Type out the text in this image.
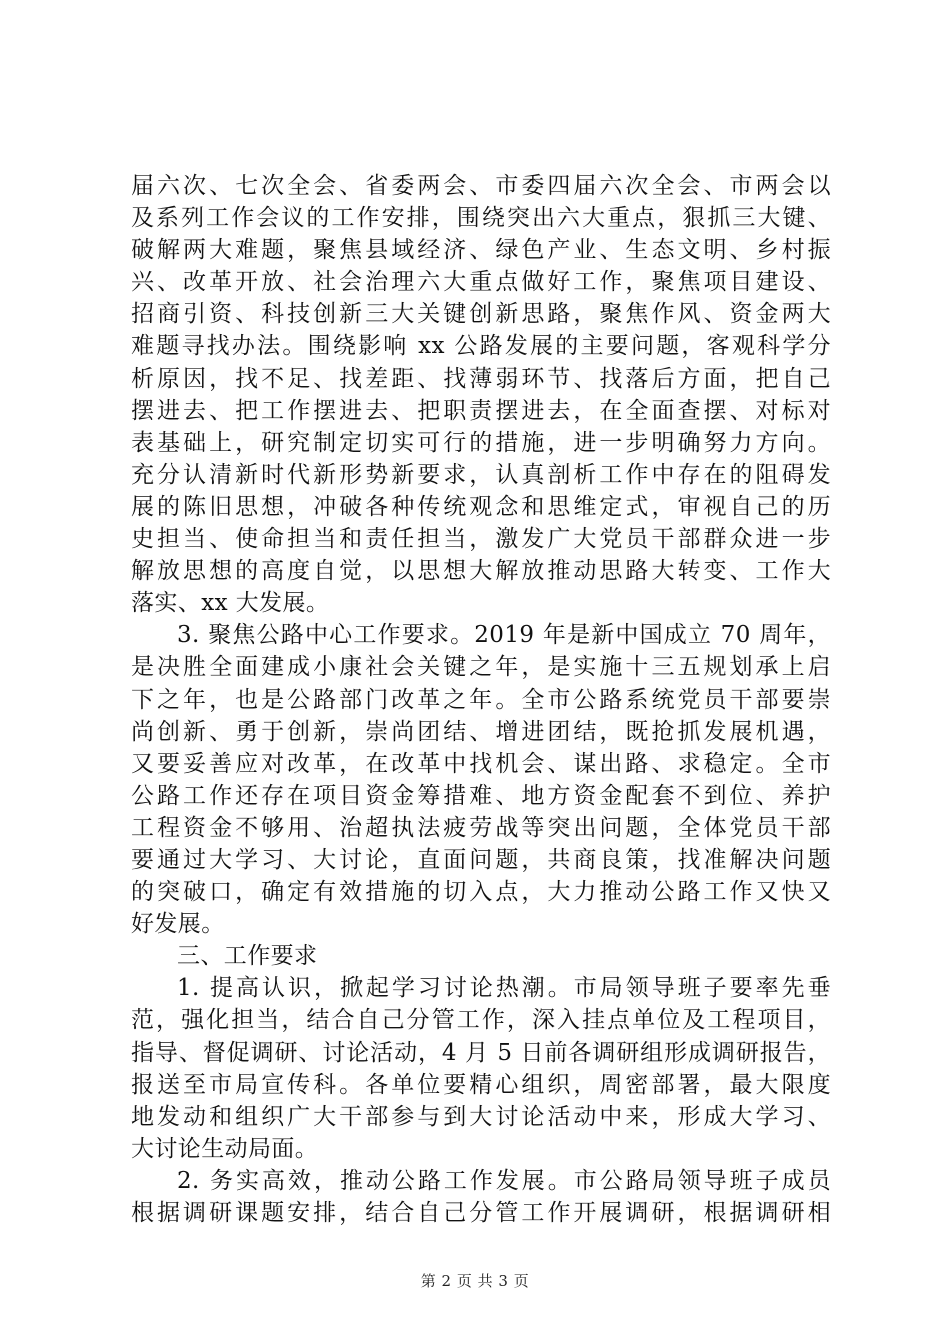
届六次、七次全会、省委两会、市委四届六次全会、市两会以
及系列工作会议的工作安排，围绕突出六大重点，狠抓三大键、
破解两大难题，聚焦县域经济、绿色产业、生态文明、乡村振
兴、改革开放、社会治理六大重点做好工作，聚焦项目建设、
招商引资、科技创新三大关键创新思路，聚焦作风、资金两大
难题寻找办法。围绕影响 xx 公路发展的主要问题，客观科学分
析原因，找不足、找差距、找薄弱环节、找落后方面，把自己
摆进去、把工作摆进去、把职责摆进去，在全面查摆、对标对
表基础上，研究制定切实可行的措施，进一步明确努力方向。
充分认清新时代新形势新要求，认真剖析工作中存在的阻碍发
展的陈旧思想，冲破各种传统观念和思维定式，审视自己的历
史担当、使命担当和责任担当，激发广大党员干部群众进一步
解放思想的高度自觉，以思想大解放推动思路大转变、工作大
落实、xx 大发展。
3. 聚焦公路中心工作要求。2019 年是新中国成立 70 周年，
是决胜全面建成小康社会关键之年，是实施十三五规划承上启
下之年，也是公路部门改革之年。全市公路系统党员干部要崇
尚创新、勇于创新，崇尚团结、增进团结，既抢抓发展机遇，
又要妥善应对改革，在改革中找机会、谋出路、求稳定。全市
公路工作还存在项目资金筹措难、地方资金配套不到位、养护
工程资金不够用、治超执法疲劳战等突出问题，全体党员干部
要通过大学习、大讨论，直面问题，共商良策，找准解决问题
的突破口，确定有效措施的切入点，大力推动公路工作又快又
好发展。
三、工作要求
1. 提高认识，掀起学习讨论热潮。市局领导班子要率先垂
范，强化担当，结合自己分管工作，深入挂点单位及工程项目，
指导、督促调研、讨论活动，4 月 5 日前各调研组形成调研报告，
报送至市局宣传科。各单位要精心组织，周密部署，最大限度
地发动和组织广大干部参与到大讨论活动中来，形成大学习、
大讨论生动局面。
2. 务实高效，推动公路工作发展。市公路局领导班子成员
根据调研课题安排，结合自己分管工作开展调研，根据调研相
第 2 页 共 3 页
